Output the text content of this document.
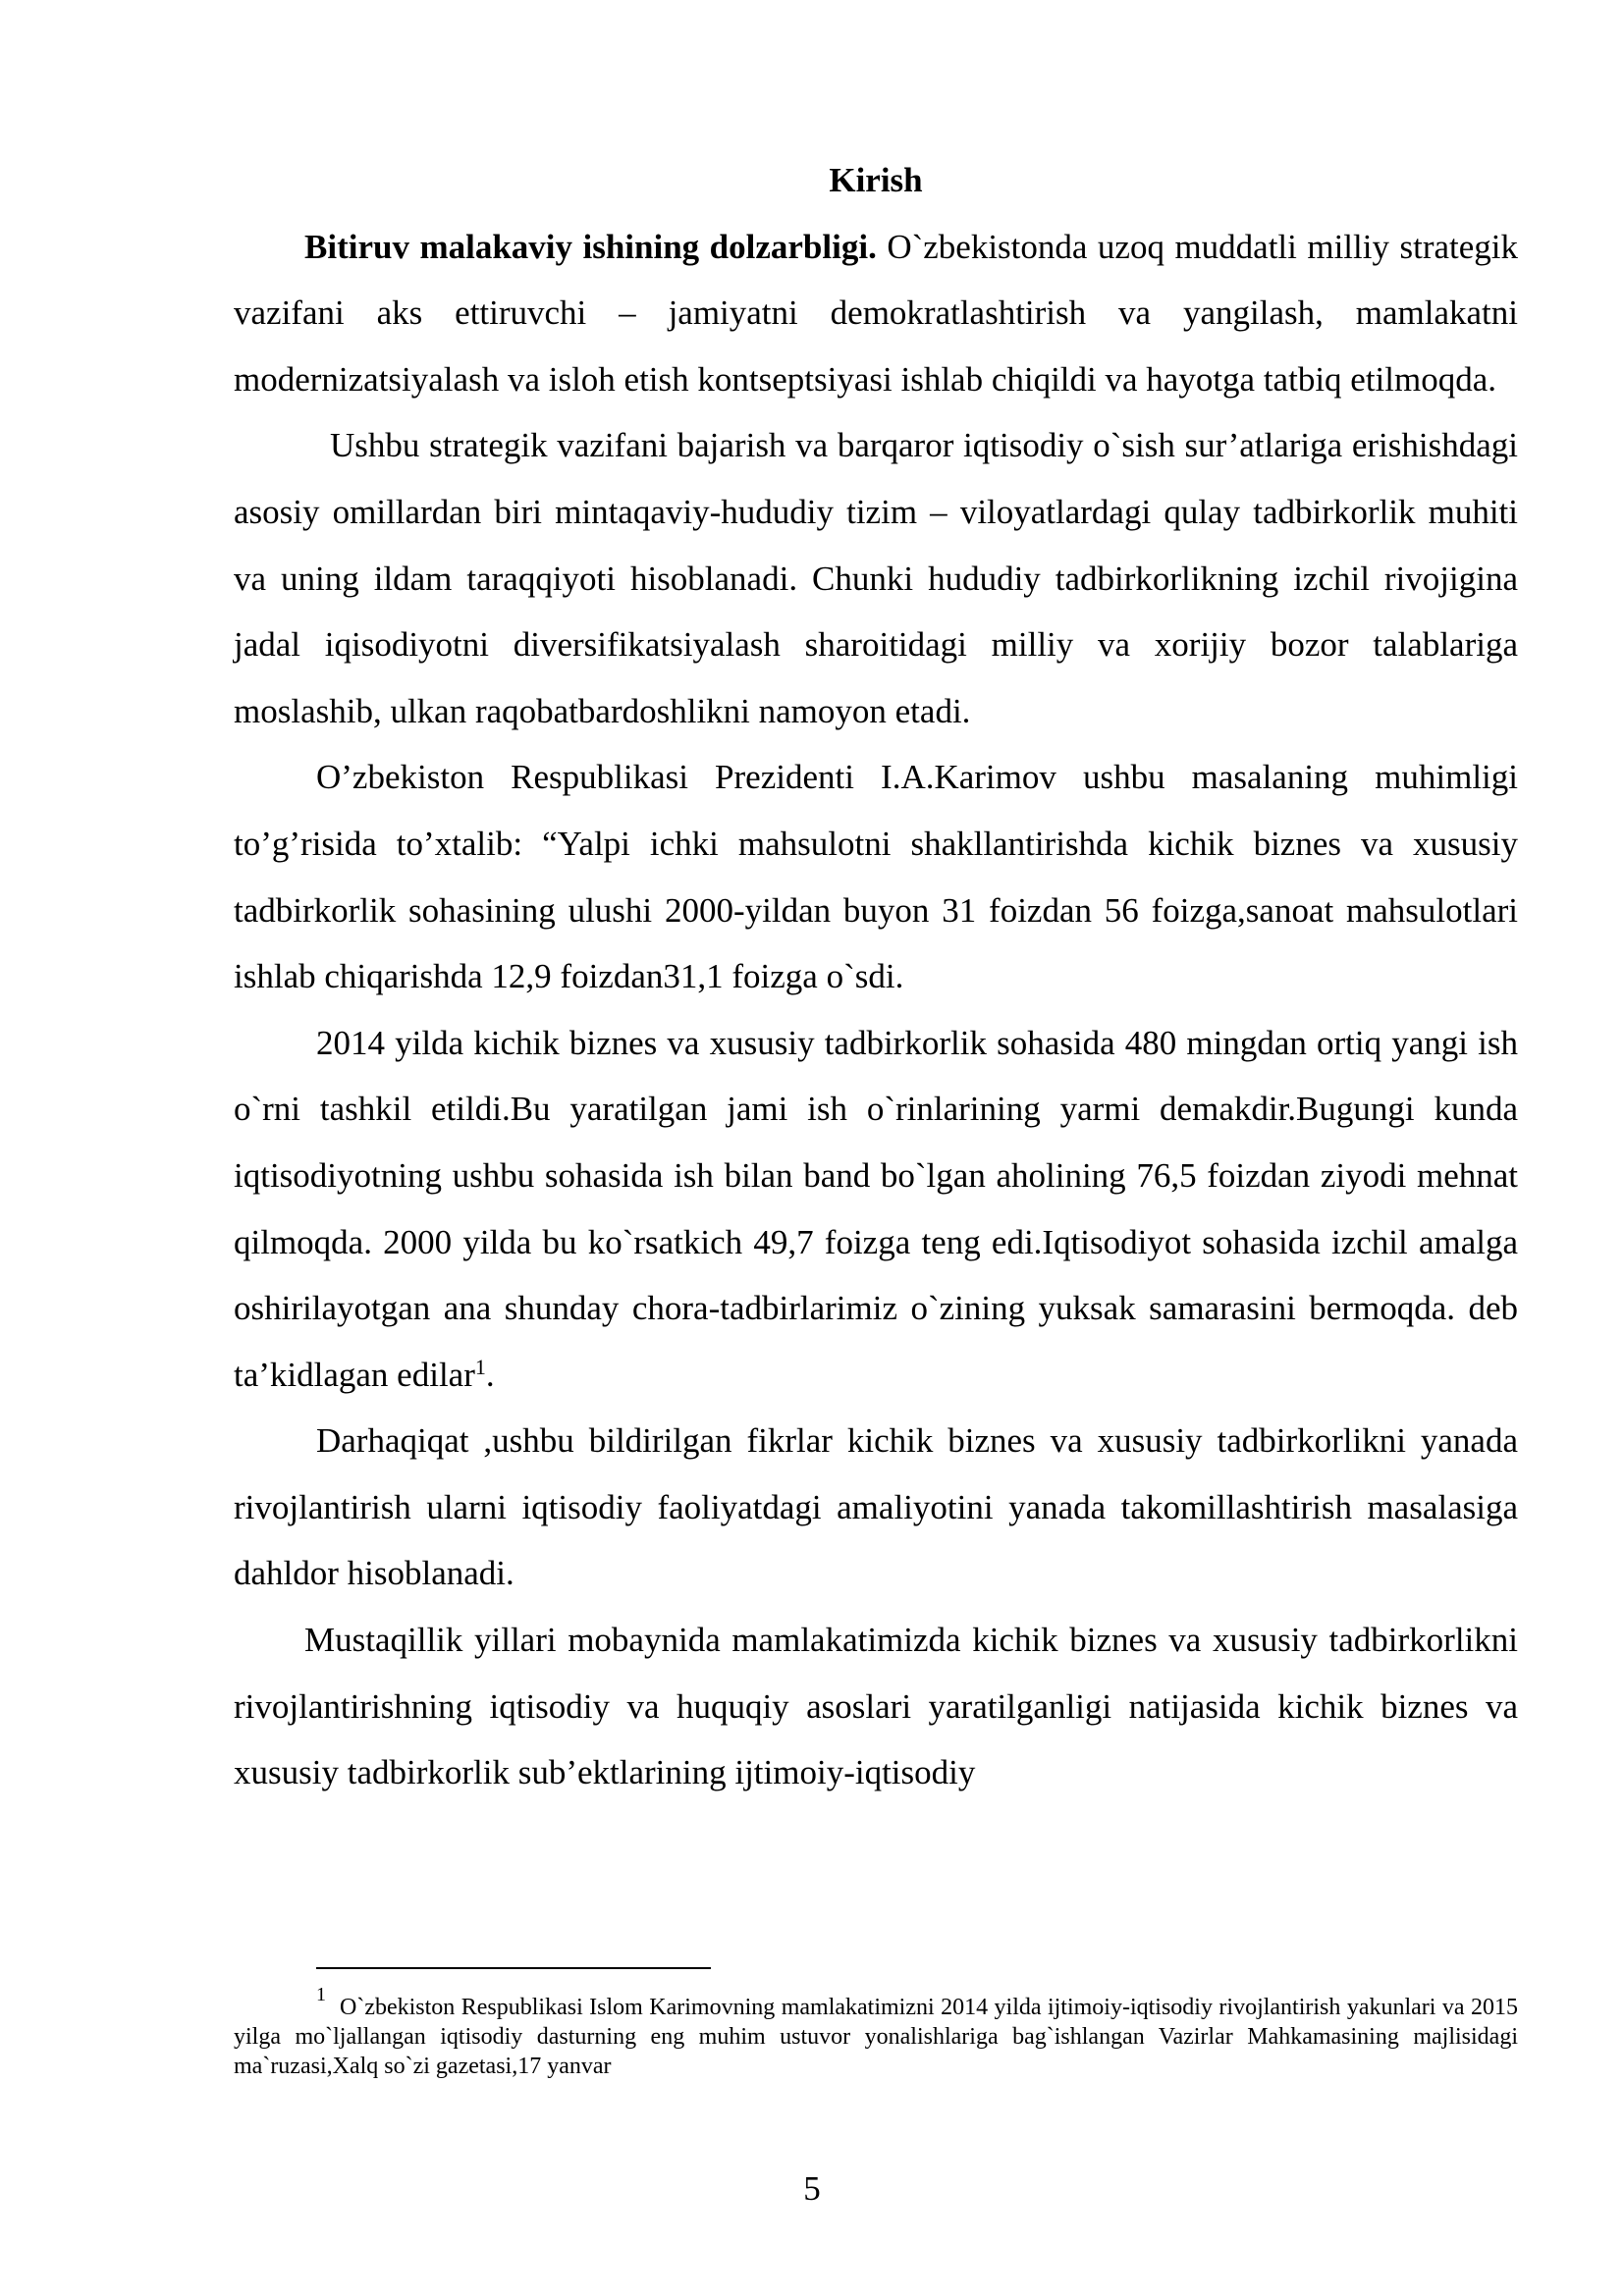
Kirish

Bitiruv malakaviy ishining dolzarbligi. O`zbekistonda uzoq muddatli milliy strategik vazifani aks ettiruvchi – jamiyatni demokratlashtirish va yangilash, mamlakatni modernizatsiyalash va isloh etish kontseptsiyasi ishlab chiqildi va hayotga tatbiq etilmoqda.

Ushbu strategik vazifani bajarish va barqaror iqtisodiy o`sish sur’atlariga erishishdagi asosiy omillardan biri mintaqaviy-hududiy tizim – viloyatlardagi qulay tadbirkorlik muhiti va uning ildam taraqqiyoti hisoblanadi. Chunki hududiy tadbirkorlikning izchil rivojigina jadal iqisodiyotni diversifikatsiyalash sharoitidagi milliy va xorijiy bozor talablariga moslashib, ulkan raqobatbardoshlikni namoyon etadi.

O’zbekiston Respublikasi Prezidenti I.A.Karimov ushbu masalaning muhimligi to’g’risida to’xtalib: “Yalpi ichki mahsulotni shakllantirishda kichik biznes va xususiy tadbirkorlik sohasining ulushi 2000-yildan buyon 31 foizdan 56 foizga,sanoat mahsulotlari ishlab chiqarishda 12,9 foizdan31,1 foizga o`sdi.

2014 yilda kichik biznes va xususiy tadbirkorlik sohasida 480 mingdan ortiq yangi ish o`rni tashkil etildi.Bu yaratilgan jami ish o`rinlarining yarmi demakdir.Bugungi kunda iqtisodiyotning ushbu sohasida ish bilan band bo`lgan aholining 76,5 foizdan ziyodi mehnat qilmoqda. 2000 yilda bu ko`rsatkich 49,7 foizga teng edi.Iqtisodiyot sohasida izchil amalga oshirilayotgan ana shunday chora-tadbirlarimiz o`zining yuksak samarasini bermoqda. deb ta’kidlagan edilar$^1$.

Darhaqiqat ,ushbu bildirilgan fikrlar kichik biznes va xususiy tadbirkorlikni yanada rivojlantirish ularni iqtisodiy faoliyatdagi amaliyotini yanada takomillashtirish masalasiga dahldor hisoblanadi.

Mustaqillik yillari mobaynida mamlakatimizda kichik biznes va xususiy tadbirkorlikni rivojlantirishning iqtisodiy va huquqiy asoslari yaratilganligi natijasida kichik biznes va xususiy tadbirkorlik sub’ektlarining ijtimoiy-iqtisodiy

$^1$ O`zbekiston Respublikasi Islom Karimovning mamlakatimizni 2014 yilda ijtimoiy-iqtisodiy rivojlantirish yakunlari va 2015 yilga mo`ljallangan iqtisodiy dasturning eng muhim ustuvor yonalishlariga bag`ishlangan Vazirlar Mahkamasining majlisidagi ma`ruzasi,Xalq so`zi gazetasi,17 yanvar

5
